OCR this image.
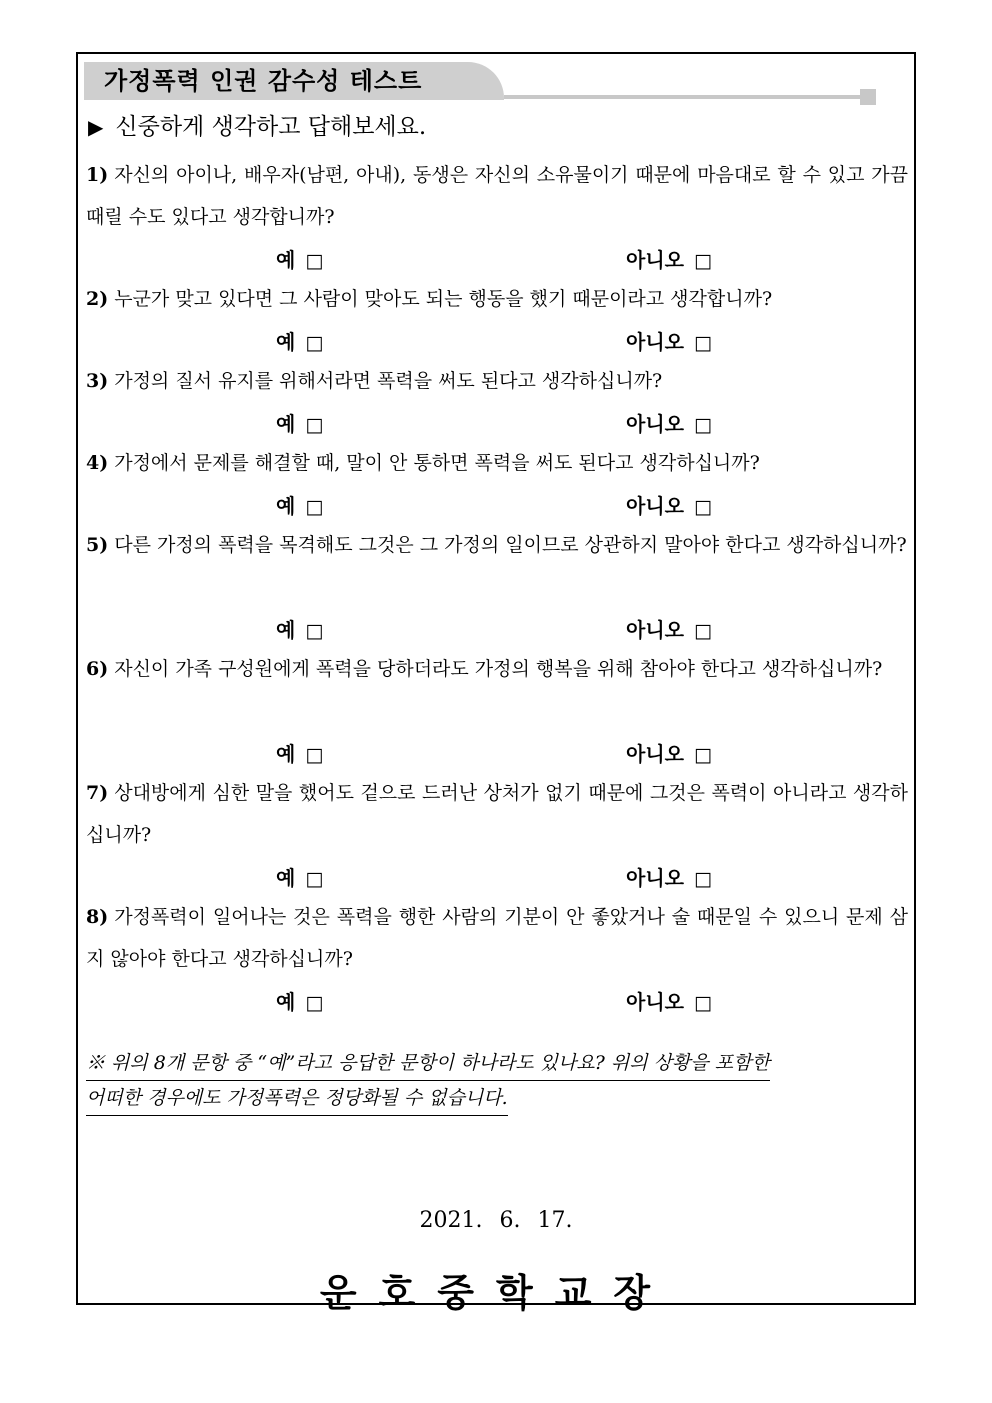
가정폭력 인권 감수성 테스트
▶ 신중하게 생각하고 답해보세요.
1) 자신의 아이나, 배우자(남편, 아내), 동생은 자신의 소유물이기 때문에 마음대로 할 수 있고 가끔 때릴 수도 있다고 생각합니까?
예 □	아니오 □
2) 누군가 맞고 있다면 그 사람이 맞아도 되는 행동을 했기 때문이라고 생각합니까?
예 □	아니오 □
3) 가정의 질서 유지를 위해서라면 폭력을 써도 된다고 생각하십니까?
예 □	아니오 □
4) 가정에서 문제를 해결할 때, 말이 안 통하면 폭력을 써도 된다고 생각하십니까?
예 □	아니오 □
5) 다른 가정의 폭력을 목격해도 그것은 그 가정의 일이므로 상관하지 말아야 한다고 생각하십니까?
예 □	아니오 □
6) 자신이 가족 구성원에게 폭력을 당하더라도 가정의 행복을 위해 참아야 한다고 생각하십니까?
예 □	아니오 □
7) 상대방에게 심한 말을 했어도 겉으로 드러난 상처가 없기 때문에 그것은 폭력이 아니라고 생각하십니까?
예 □	아니오 □
8) 가정폭력이 일어나는 것은 폭력을 행한 사람의 기분이 안 좋았거나 술 때문일 수 있으니 문제 삼지 않아야 한다고 생각하십니까?
예 □	아니오 □
※ 위의 8개 문항 중 “예”라고 응답한 문항이 하나라도 있나요? 위의 상황을 포함한
어떠한 경우에도 가정폭력은 정당화될 수 없습니다.
2021. 6. 17.
운호중학교장
